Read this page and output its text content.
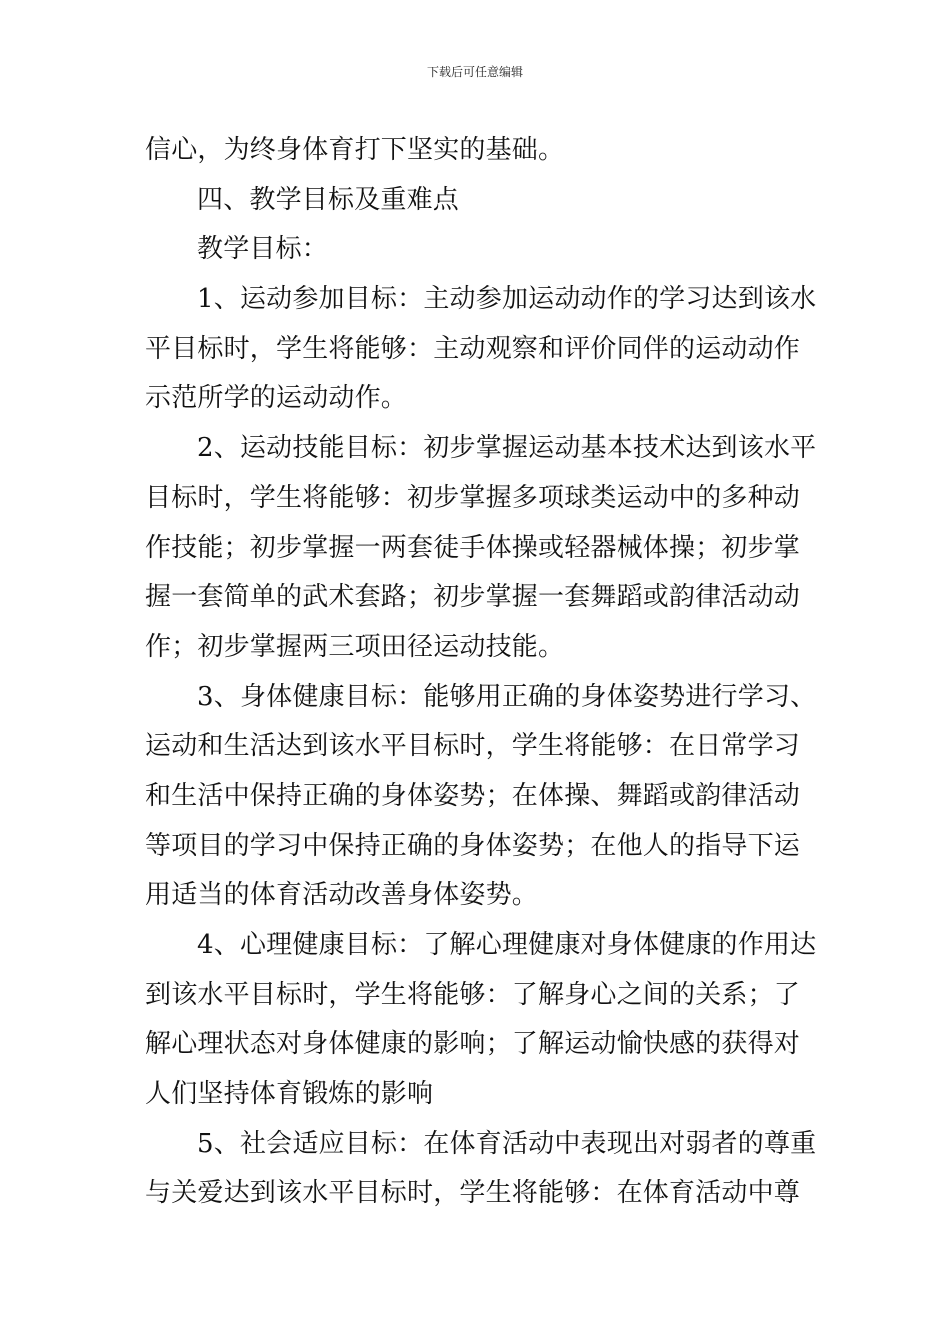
下载后可任意编辑
信心，为终身体育打下坚实的基础。
四、教学目标及重难点
教学目标：
1、运动参加目标：主动参加运动动作的学习达到该水
平目标时，学生将能够：主动观察和评价同伴的运动动作
示范所学的运动动作。
2、运动技能目标：初步掌握运动基本技术达到该水平
目标时，学生将能够：初步掌握多项球类运动中的多种动
作技能；初步掌握一两套徒手体操或轻器械体操；初步掌
握一套简单的武术套路；初步掌握一套舞蹈或韵律活动动
作；初步掌握两三项田径运动技能。
3、身体健康目标：能够用正确的身体姿势进行学习、
运动和生活达到该水平目标时，学生将能够：在日常学习
和生活中保持正确的身体姿势；在体操、舞蹈或韵律活动
等项目的学习中保持正确的身体姿势；在他人的指导下运
用适当的体育活动改善身体姿势。
4、心理健康目标：了解心理健康对身体健康的作用达
到该水平目标时，学生将能够：了解身心之间的关系；了
解心理状态对身体健康的影响；了解运动愉快感的获得对
人们坚持体育锻炼的影响
5、社会适应目标：在体育活动中表现出对弱者的尊重
与关爱达到该水平目标时，学生将能够：在体育活动中尊
